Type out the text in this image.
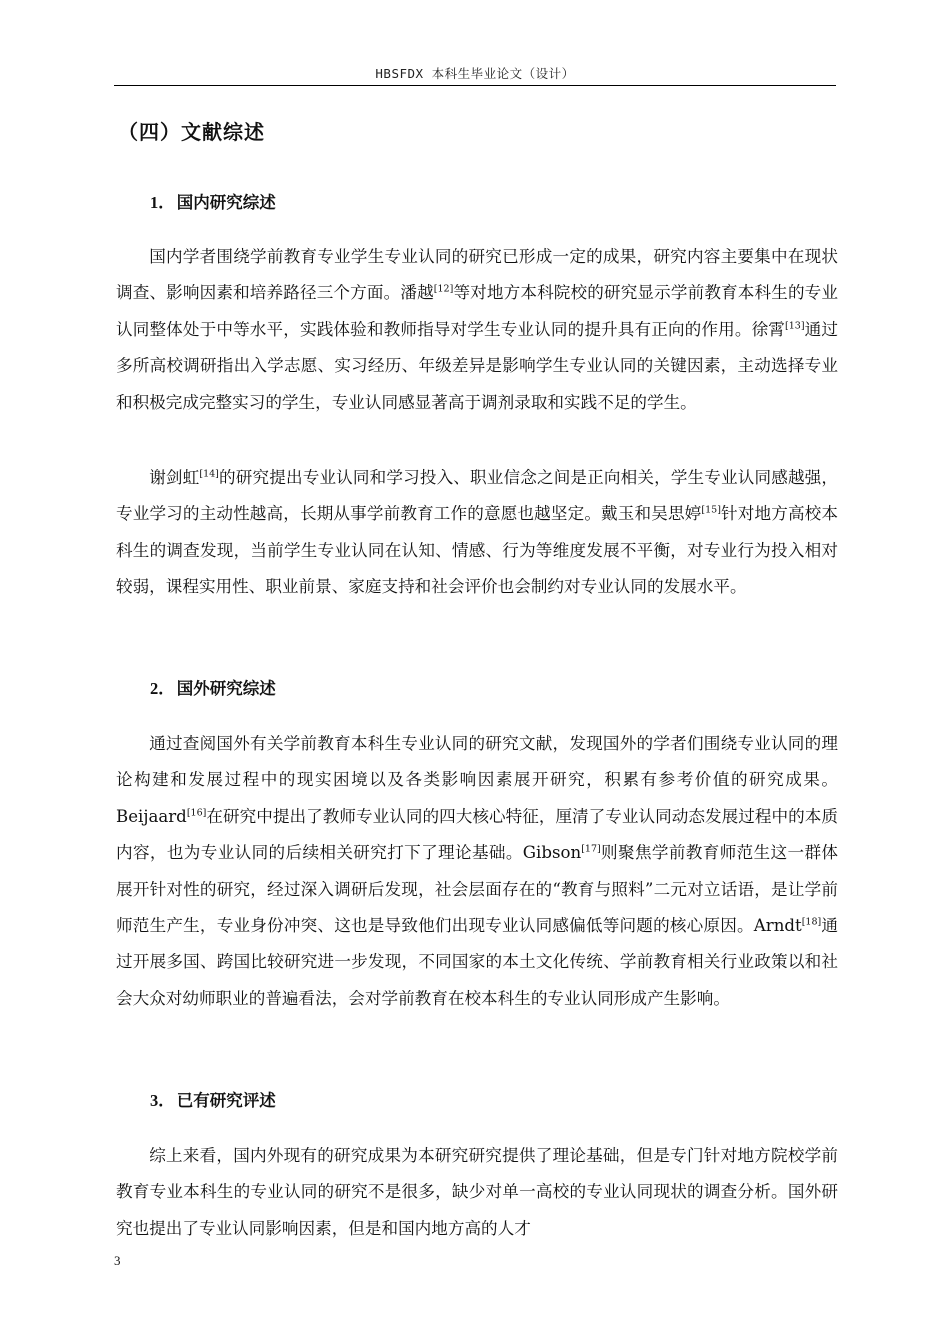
HBSFDX 本科生毕业论文（设计）
（四）文献综述
1． 国内研究综述

国内学者围绕学前教育专业学生专业认同的研究已形成一定的成果，研究内容主要集中在现状调查、影响因素和培养路径三个方面。潘越[12]等对地方本科院校的研究显示学前教育本科生的专业认同整体处于中等水平，实践体验和教师指导对学生专业认同的提升具有正向的作用。徐霄[13]通过多所高校调研指出入学志愿、实习经历、年级差异是影响学生专业认同的关键因素，主动选择专业和积极完成完整实习的学生，专业认同感显著高于调剂录取和实践不足的学生。

谢剑虹[14]的研究提出专业认同和学习投入、职业信念之间是正向相关，学生专业认同感越强，专业学习的主动性越高，长期从事学前教育工作的意愿也越坚定。戴玉和吴思婷[15]针对地方高校本科生的调查发现，当前学生专业认同在认知、情感、行为等维度发展不平衡，对专业行为投入相对较弱，课程实用性、职业前景、家庭支持和社会评价也会制约对专业认同的发展水平。

2． 国外研究综述

通过查阅国外有关学前教育本科生专业认同的研究文献，发现国外的学者们围绕专业认同的理论构建和发展过程中的现实困境以及各类影响因素展开研究，积累有参考价值的研究成果。Beijaard[16]在研究中提出了教师专业认同的四大核心特征，厘清了专业认同动态发展过程中的本质内容，也为专业认同的后续相关研究打下了理论基础。Gibson[17]则聚焦学前教育师范生这一群体展开针对性的研究，经过深入调研后发现，社会层面存在的“教育与照料”二元对立话语，是让学前师范生产生，专业身份冲突、这也是导致他们出现专业认同感偏低等问题的核心原因。Arndt[18]通过开展多国、跨国比较研究进一步发现，不同国家的本土文化传统、学前教育相关行业政策以和社会大众对幼师职业的普遍看法，会对学前教育在校本科生的专业认同形成产生影响。

3． 已有研究评述

综上来看，国内外现有的研究成果为本研究研究提供了理论基础，但是专门针对地方院校学前教育专业本科生的专业认同的研究不是很多，缺少对单一高校的专业认同现状的调查分析。国外研究也提出了专业认同影响因素，但是和国内地方高的人才

3
